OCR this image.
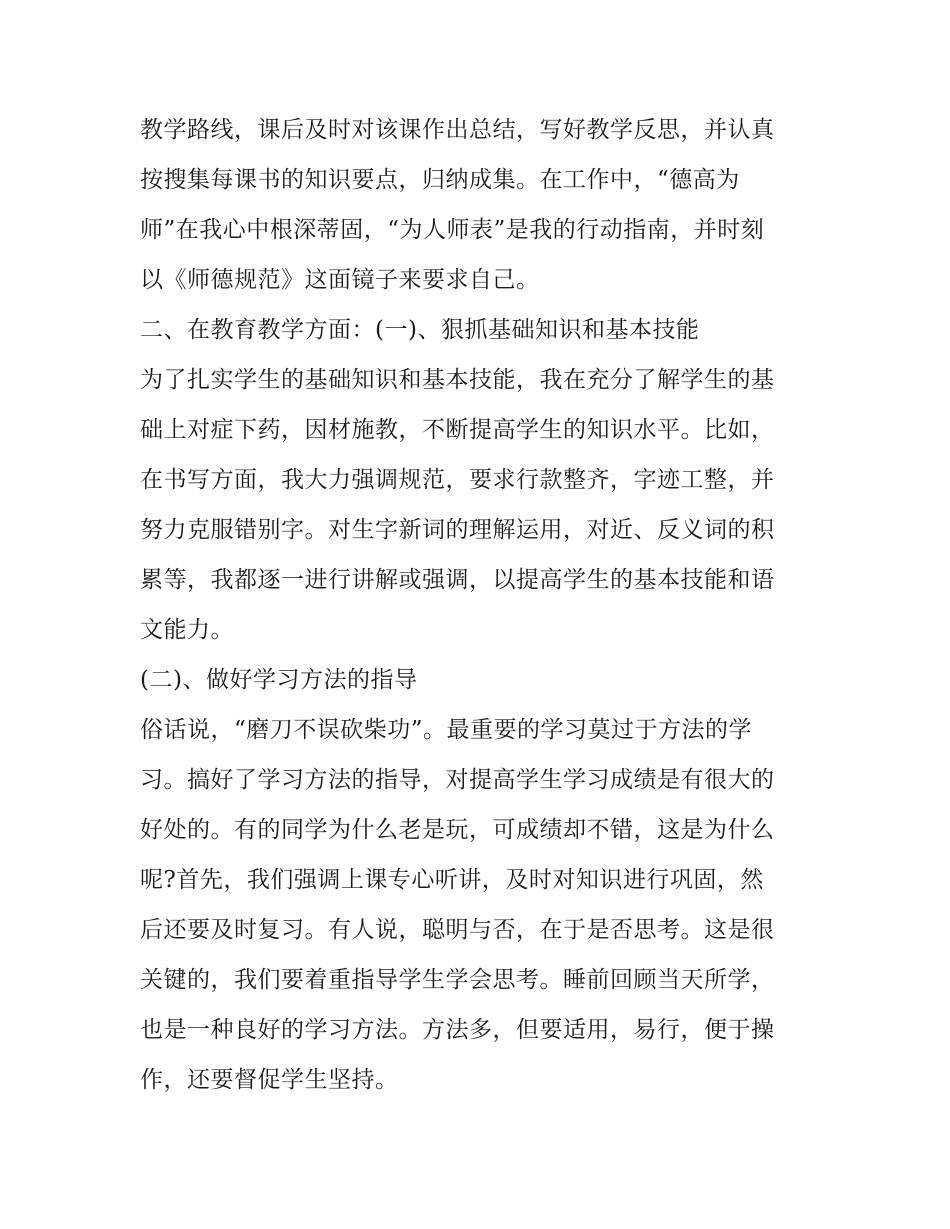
教学路线，课后及时对该课作出总结，写好教学反思，并认真
按搜集每课书的知识要点，归纳成集。在工作中，“德高为
师”在我心中根深蒂固，“为人师表”是我的行动指南，并时刻
以《师德规范》这面镜子来要求自己。
二、在教育教学方面：(一)、狠抓基础知识和基本技能
为了扎实学生的基础知识和基本技能，我在充分了解学生的基
础上对症下药，因材施教，不断提高学生的知识水平。比如，
在书写方面，我大力强调规范，要求行款整齐，字迹工整，并
努力克服错别字。对生字新词的理解运用，对近、反义词的积
累等，我都逐一进行讲解或强调，以提高学生的基本技能和语
文能力。
(二)、做好学习方法的指导
俗话说，“磨刀不误砍柴功”。最重要的学习莫过于方法的学
习。搞好了学习方法的指导，对提高学生学习成绩是有很大的
好处的。有的同学为什么老是玩，可成绩却不错，这是为什么
呢?首先，我们强调上课专心听讲，及时对知识进行巩固，然
后还要及时复习。有人说，聪明与否，在于是否思考。这是很
关键的，我们要着重指导学生学会思考。睡前回顾当天所学，
也是一种良好的学习方法。方法多，但要适用，易行，便于操
作，还要督促学生坚持。
